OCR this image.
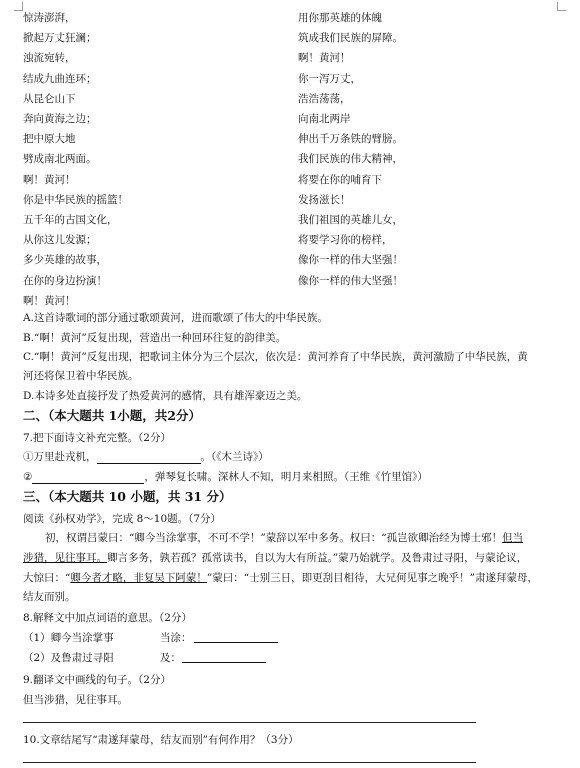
惊涛澎湃，
掀起万丈狂澜；
浊流宛转，
结成九曲连环；
从昆仑山下
奔向黄海之边；
把中原大地
劈成南北两面。
啊！黄河！
你是中华民族的摇篮！
五千年的古国文化，
从你这儿发源；
多少英雄的故事，
在你的身边扮演！
啊！黄河！
用你那英雄的体魄
筑成我们民族的屏障。
啊！黄河！
你一泻万丈，
浩浩荡荡，
向南北两岸
伸出千万条铁的臂膀。
我们民族的伟大精神，
将要在你的哺育下
发扬滋长！
我们祖国的英雄儿女，
将要学习你的榜样，
像你一样的伟大坚强！
像你一样的伟大坚强！
A.这首诗歌词的部分通过歌颂黄河，进而歌颂了伟大的中华民族。
B.“啊！黄河”反复出现，营造出一种回环往复的韵律美。
C.“啊！黄河”反复出现，把歌词主体分为三个层次，依次是：黄河养育了中华民族，黄河激励了中华民族，黄
河还将保卫着中华民族。
D.本诗多处直接抒发了热爱黄河的感情，具有雄浑豪迈之美。
二、（本大题共 1小题，共2分）
7.把下面诗文补充完整。（2分）
①万里赴戎机，	。（《木兰诗》）
②	，弹琴复长啸。深林人不知，明月来相照。（王维《竹里馆》）
三、（本大题共 10 小题，共 31 分）
阅读《孙权劝学》，完成 8～10题。（7分）
初，权谓吕蒙曰：“卿今当涂掌事，不可不学！”蒙辞以军中多务。权曰：“孤岂欲卿治经为博士邪！但当
涉猎，见往事耳。卿言多务，孰若孤？孤常读书，自以为大有所益。”蒙乃始就学。及鲁肃过寻阳，与蒙论议，
大惊曰：“卿今者才略，非复吴下阿蒙！”蒙曰：“士别三日，即更刮目相待，大兄何见事之晚乎！”肃遂拜蒙母，
结友而别。
8.解释文中加点词语的意思。（2分）
（1）卿今当涂掌事	当涂：
（2）及鲁肃过寻阳	及：
9.翻译文中画线的句子。（2分）
但当涉猎，见往事耳。
10.文章结尾写“肃遂拜蒙母，结友而别”有何作用？（3分）
